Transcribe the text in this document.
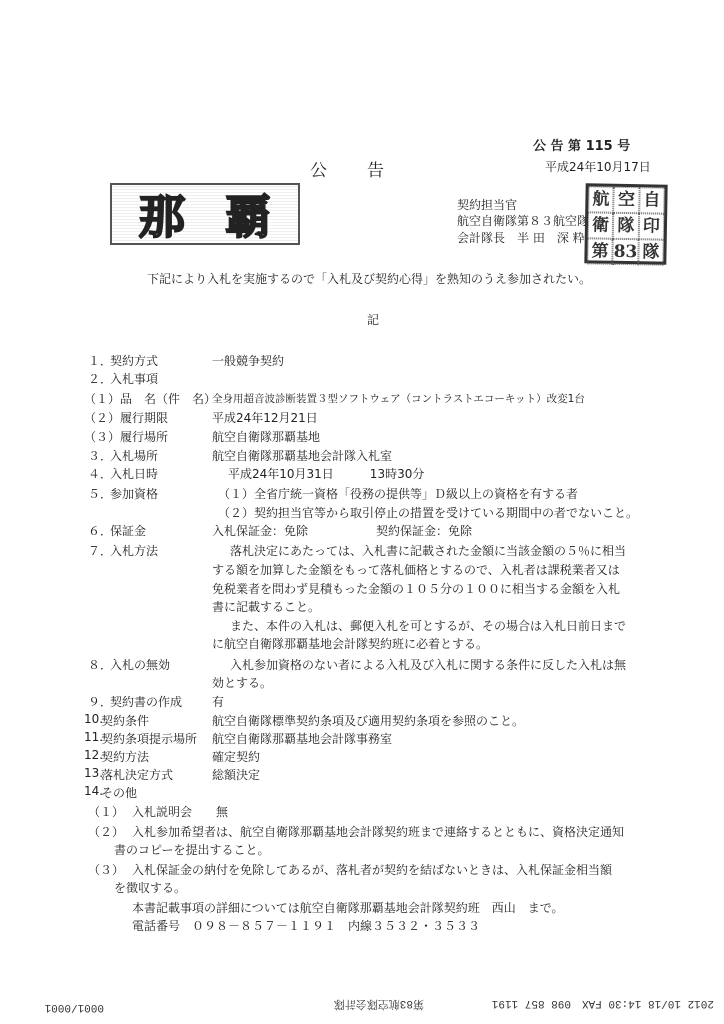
公 告 第 115 号
公　　告	平成24年10月17日
那 覇	契約担当官
航空自衛隊第８３航空隊
会計隊長　半 田　深 粋
航 空 自
衛 隊 印
第 83 隊
下記により入札を実施するので「入札及び契約心得」を熟知のうえ参加されたい。
記
１．
契約方式	一般競争契約
２．
入札事項
（１） 品　名（件　名）
全身用超音波診断装置３型ソフトウェア（コントラストエコーキット）改変1台
（２） 履行期限	平成24年12月21日
（３） 履行場所	航空自衛隊那覇基地
３．
入札場所	航空自衛隊那覇基地会計隊入札室
４．
入札日時	平成24年10月31日　　　13時30分
５．
参加資格	（１）全省庁統一資格「役務の提供等」Ｄ級以上の資格を有する者
（２）契約担当官等から取引停止の措置を受けている期間中の者でないこと。
６．
保証金	入札保証金：免除	契約保証金：免除
７．
入札方法	落札決定にあたっては、入札書に記載された金額に当該金額の５％に相当
する額を加算した金額をもって落札価格とするので、入札者は課税業者又は
免税業者を問わず見積もった金額の１０５分の１００に相当する金額を入札
書に記載すること。
また、本件の入札は、郵便入札を可とするが、その場合は入札日前日まで
に航空自衛隊那覇基地会計隊契約班に必着とする。
８．
入札の無効	入札参加資格のない者による入札及び入札に関する条件に反した入札は無
効とする。
９．
契約書の作成 有
10.
契約条件	航空自衛隊標準契約条項及び適用契約条項を参照のこと。
11.
契約条項提示場所 航空自衛隊那覇基地会計隊事務室
12.
契約方法	確定契約
13.
落札決定方式	総額決定
14.
その他
（１） 入札説明会　　無
（２） 入札参加希望者は、航空自衛隊那覇基地会計隊契約班まで連絡するとともに、資格決定通知
書のコピーを提出すること。
（３） 入札保証金の納付を免除してあるが、落札者が契約を結ばないときは、入札保証金相当額
を徴収する。
本書記載事項の詳細については航空自衛隊那覇基地会計隊契約班　西山　まで。
電話番号　０９８－８５７－１１９１　内線３５３２・３５３３
2012 10/18 14:30 FAX　098 857 1191
第83航空隊会計隊
0001/0001
